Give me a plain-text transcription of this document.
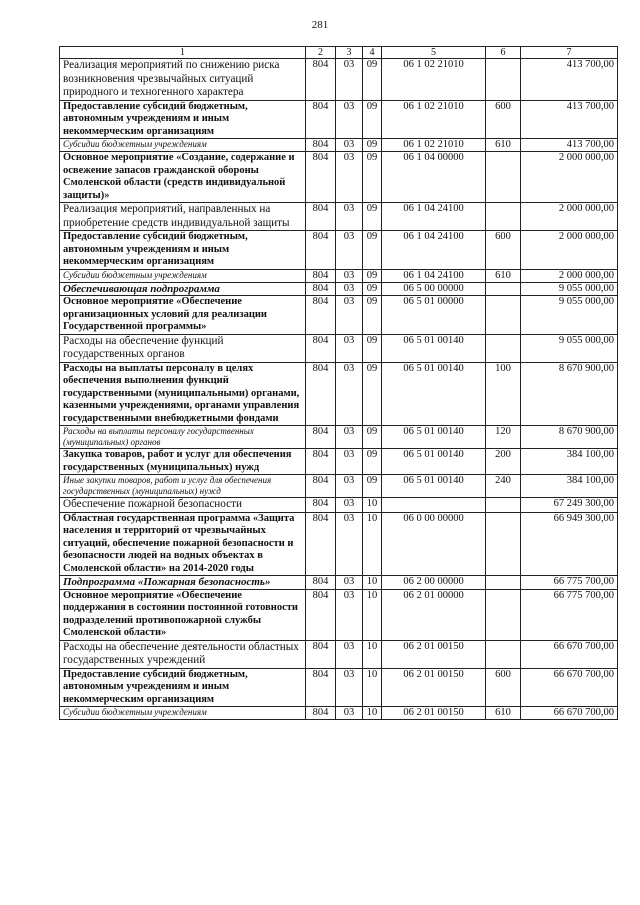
281
1	2	3	4	5	6	7
Реализация мероприятий по снижению риска возникновения чрезвычайных ситуаций природного и техногенного характера	804	03	09	06 1 02 21010		413 700,00
Предоставление субсидий бюджетным, автономным учреждениям и иным некоммерческим организациям	804	03	09	06 1 02 21010	600	413 700,00
Субсидии бюджетным учреждениям	804	03	09	06 1 02 21010	610	413 700,00
Основное мероприятие «Создание, содержание и освежение запасов гражданской обороны Смоленской области (средств индивидуальной защиты)»	804	03	09	06 1 04 00000		2 000 000,00
Реализация мероприятий, направленных на приобретение средств индивидуальной защиты	804	03	09	06 1 04 24100		2 000 000,00
Предоставление субсидий бюджетным, автономным учреждениям и иным некоммерческим организациям	804	03	09	06 1 04 24100	600	2 000 000,00
Субсидии бюджетным учреждениям	804	03	09	06 1 04 24100	610	2 000 000,00
Обеспечивающая подпрограмма	804	03	09	06 5 00 00000		9 055 000,00
Основное мероприятие «Обеспечение организационных условий для реализации Государственной программы»	804	03	09	06 5 01 00000		9 055 000,00
Расходы на обеспечение функций государственных органов	804	03	09	06 5 01 00140		9 055 000,00
Расходы на выплаты персоналу в целях обеспечения выполнения функций государственными (муниципальными) органами, казенными учреждениями, органами управления государственными внебюджетными фондами	804	03	09	06 5 01 00140	100	8 670 900,00
Расходы на выплаты персоналу государственных (муниципальных) органов	804	03	09	06 5 01 00140	120	8 670 900,00
Закупка товаров, работ и услуг для обеспечения государственных (муниципальных) нужд	804	03	09	06 5 01 00140	200	384 100,00
Иные закупки товаров, работ и услуг для обеспечения государственных (муниципальных) нужд	804	03	09	06 5 01 00140	240	384 100,00
Обеспечение пожарной безопасности	804	03	10			67 249 300,00
Областная государственная программа «Защита населения и территорий от чрезвычайных ситуаций, обеспечение пожарной безопасности и безопасности людей на водных объектах в Смоленской области» на 2014-2020 годы	804	03	10	06 0 00 00000		66 949 300,00
Подпрограмма «Пожарная безопасность»	804	03	10	06 2 00 00000		66 775 700,00
Основное мероприятие «Обеспечение поддержания в состоянии постоянной готовности подразделений противопожарной службы Смоленской области»	804	03	10	06 2 01 00000		66 775 700,00
Расходы на обеспечение деятельности областных государственных учреждений	804	03	10	06 2 01 00150		66 670 700,00
Предоставление субсидий бюджетным, автономным учреждениям и иным некоммерческим организациям	804	03	10	06 2 01 00150	600	66 670 700,00
Субсидии бюджетным учреждениям	804	03	10	06 2 01 00150	610	66 670 700,00
